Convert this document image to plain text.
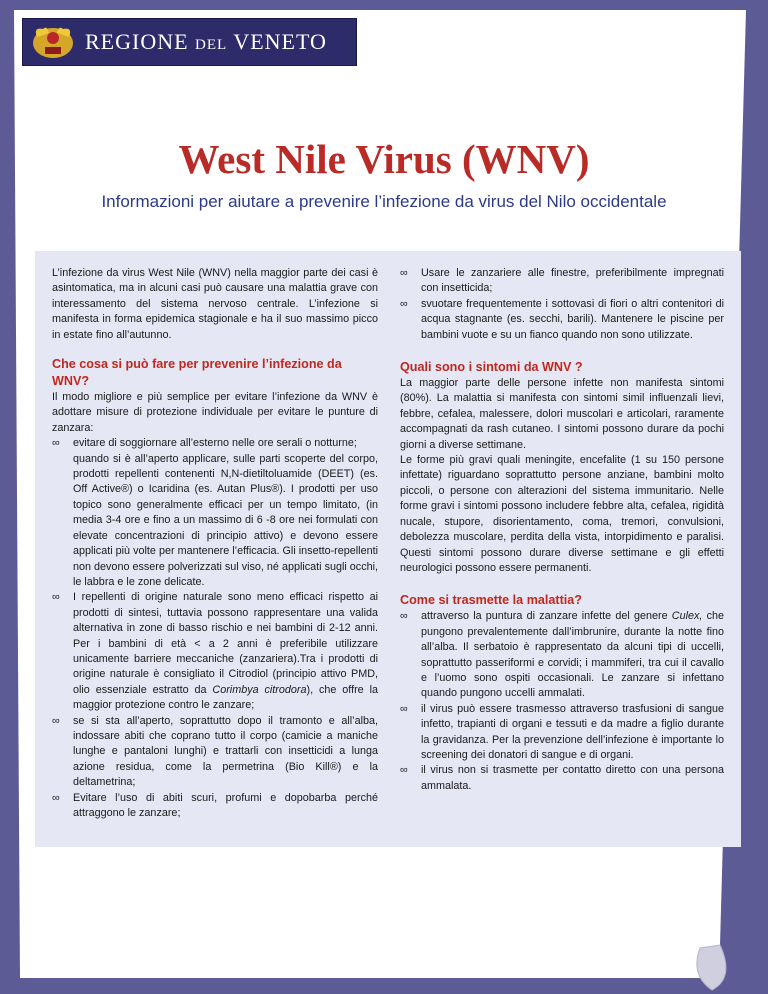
REGIONE DEL VENETO
West Nile Virus (WNV)

Informazioni per aiutare a prevenire l’infezione da virus del Nilo occidentale

L’infezione da virus West Nile (WNV) nella maggior parte dei casi è asintomatica, ma in alcuni casi può causare una malattia grave con interessamento del sistema nervoso centrale. L’infezione si manifesta in forma epidemica stagionale e ha il suo massimo picco in estate fino all’autunno.

Che cosa si può fare per prevenire l’infezione da WNV?

Il modo migliore e più semplice per evitare l’infezione da WNV è adottare misure di protezione individuale per evitare le punture di zanzara:

∞	evitare di soggiornare all’esterno nelle ore serali o notturne;

quando si è all’aperto applicare, sulle parti scoperte del corpo, prodotti repellenti contenenti N,N-dietiltoluamide (DEET) (es. Off Active®) o Icaridina (es. Autan Plus®). I prodotti per uso topico sono generalmente efficaci per un tempo limitato, (in media 3-4 ore e fino a un massimo di 6 -8 ore nei formulati con elevate concentrazioni di principio attivo) e devono essere applicati più volte per mantenere l’efficacia. Gli insetto-repellenti non devono essere polverizzati sul viso, né applicati sugli occhi, le labbra e le zone delicate.

∞	I repellenti di origine naturale sono meno efficaci rispetto ai prodotti di sintesi, tuttavia possono rappresentare una valida alternativa in zone di basso rischio e nei bambini di 2-12 anni. Per i bambini di età < a 2 anni è preferibile utilizzare unicamente barriere meccaniche (zanzariera).Tra i prodotti di origine naturale è consigliato il Citrodiol (principio attivo PMD, olio essenziale estratto da Corimbya citrodora), che offre la maggior protezione contro le zanzare;
∞	se si sta all’aperto, soprattutto dopo il tramonto e all’alba, indossare abiti che coprano tutto il corpo (camicie a maniche lunghe e pantaloni lunghi) e trattarli con insetticidi a lunga azione residua, come la permetrina (Bio Kill®) e la deltametrina;
∞	Evitare l’uso di abiti scuri, profumi e dopobarba perché attraggono le zanzare;
∞	Usare le zanzariere alle finestre, preferibilmente impregnati con insetticida;
∞	svuotare frequentemente i sottovasi di fiori o altri contenitori di acqua stagnante (es. secchi, barili). Mantenere le piscine per bambini vuote e su un fianco quando non sono utilizzate.
Quali sono i sintomi da WNV ?

La maggior parte delle persone infette non manifesta sintomi (80%). La malattia si manifesta con sintomi simil influenzali lievi, febbre, cefalea, malessere, dolori muscolari e articolari, raramente accompagnati da rash cutaneo. I sintomi possono durare da pochi giorni a diverse settimane.

Le forme più gravi quali meningite, encefalite (1 su 150 persone infettate) riguardano soprattutto persone anziane, bambini molto piccoli, o persone con alterazioni del sistema immunitario. Nelle forme gravi i sintomi possono includere febbre alta, cefalea, rigidità nucale, stupore, disorientamento, coma, tremori, convulsioni, debolezza muscolare, perdita della vista, intorpidimento e paralisi. Questi sintomi possono durare diverse settimane e gli effetti neurologici possono essere permanenti.

Come si trasmette la malattia?
∞	attraverso la puntura di zanzare infette del genere Culex, che pungono prevalentemente dall’imbrunire, durante la notte fino all’alba. Il serbatoio è rappresentato da alcuni tipi di uccelli, soprattutto passeriformi e corvidi; i mammiferi, tra cui il cavallo e l’uomo sono ospiti occasionali. Le zanzare si infettano quando pungono uccelli ammalati.
∞	il virus può essere trasmesso attraverso trasfusioni di sangue infetto, trapianti di organi e tessuti e da madre a figlio durante la gravidanza. Per la prevenzione dell’infezione è importante lo screening dei donatori di sangue e di organi.
∞	il virus non si trasmette per contatto diretto con una persona ammalata.
